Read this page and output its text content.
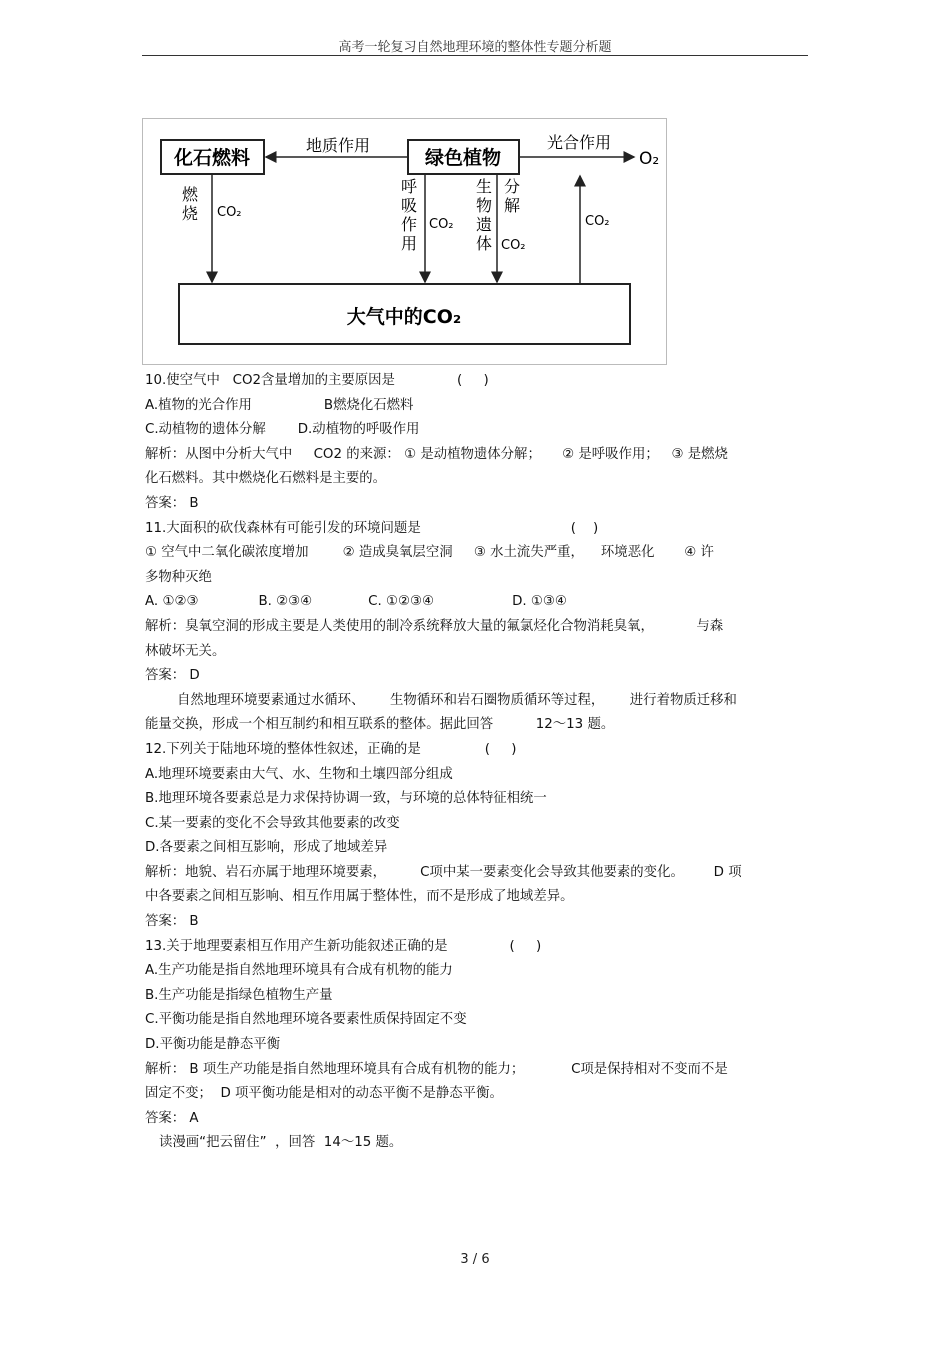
高考一轮复习自然地理环境的整体性专题分析题
化石燃料	绿色植物
大气中的CO₂
地质作用	光合作用
O₂
燃
烧 CO₂
呼
吸
作
用
CO₂
生
物
遗
体
分
解
CO₂
CO₂

10.使空气中   CO2含量增加的主要原因是	(     )

A.植物的光合作用	B燃烧化石燃料

C.动植物的遗体分解 D.动植物的呼吸作用

解析：从图中分析大气中     CO2 的来源： ① 是动植物遗体分解；     ② 是呼吸作用；   ③ 是燃烧

化石燃料。其中燃烧化石燃料是主要的。

答案： B

11.大面积的砍伐森林有可能引发的环境问题是	(    )

① 空气中二氧化碳浓度增加        ② 造成臭氧层空洞     ③ 水土流失严重，    环境恶化       ④ 许

多物种灭绝

A. ①②③	B. ②③④	C. ①②③④	D. ①③④

解析：臭氧空洞的形成主要是人类使用的制冷系统释放大量的氟氯烃化合物消耗臭氧，          与森

林破坏无关。

答案： D

自然地理环境要素通过水循环、      生物循环和岩石圈物质循环等过程，      进行着物质迁移和

能量交换，形成一个相互制约和相互联系的整体。据此回答          12～13 题。

12.下列关于陆地环境的整体性叙述，正确的是	(     )

A.地理环境要素由大气、水、生物和土壤四部分组成

B.地理环境各要素总是力求保持协调一致，与环境的总体特征相统一

C.某一要素的变化不会导致其他要素的改变

D.各要素之间相互影响，形成了地域差异

解析：地貌、岩石亦属于地理环境要素，        C项中某一要素变化会导致其他要素的变化。       D 项

中各要素之间相互影响、相互作用属于整体性，而不是形成了地域差异。

答案： B

13.关于地理要素相互作用产生新功能叙述正确的是	(     )

A.生产功能是指自然地理环境具有合成有机物的能力

B.生产功能是指绿色植物生产量

C.平衡功能是指自然地理环境各要素性质保持固定不变

D.平衡功能是静态平衡

解析： B 项生产功能是指自然地理环境具有合成有机物的能力；           C项是保持相对不变而不是

固定不变；  D 项平衡功能是相对的动态平衡不是静态平衡。

答案： A

读漫画“把云留住”  ，回答  14～15 题。

3 / 6
